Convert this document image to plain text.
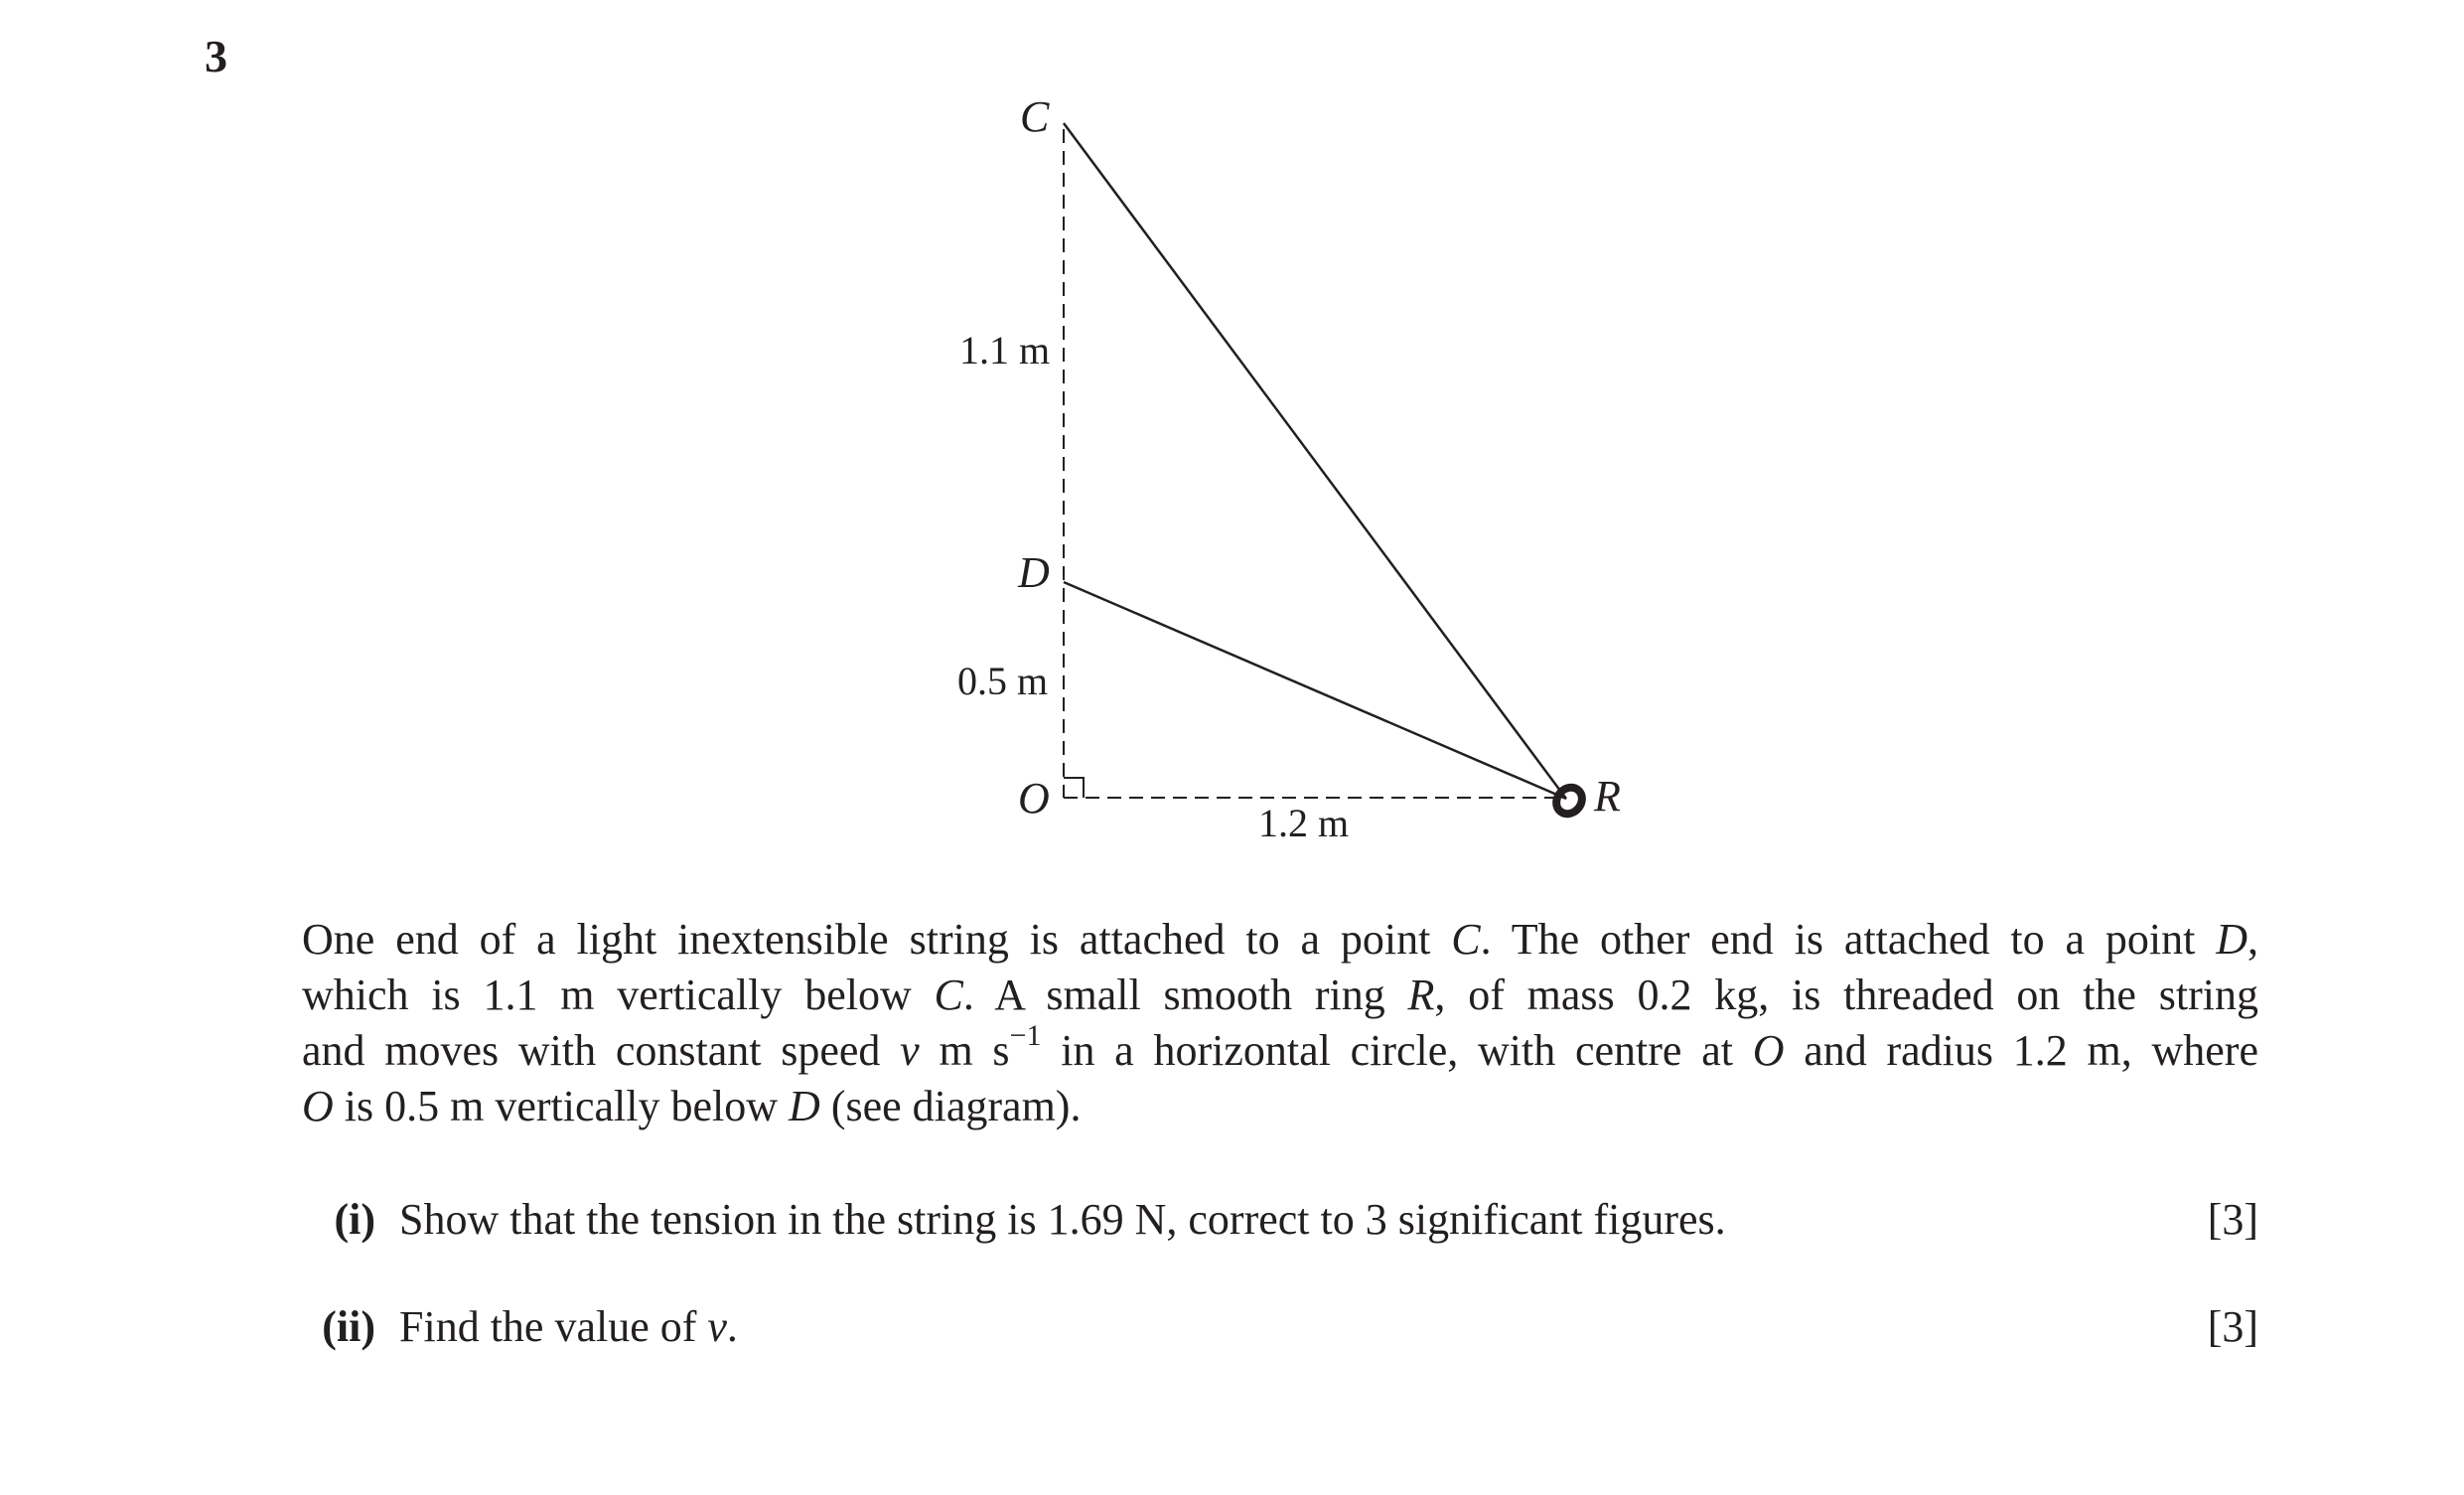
3
C
D
O	R
1.1 m
0.5 m
1.2 m
One end of a light inextensible string is attached to a point C. The other end is attached to a point D,
which is 1.1 m vertically below C. A small smooth ring R, of mass 0.2 kg, is threaded on the string
and moves with constant speed v m $s^{-1}$ in a horizontal circle, with centre at O and radius 1.2 m, where
O is 0.5 m vertically below D (see diagram).
(i) Show that the tension in the string is 1.69 N, correct to 3 significant figures.	[3]
(ii) Find the value of v.	[3]
